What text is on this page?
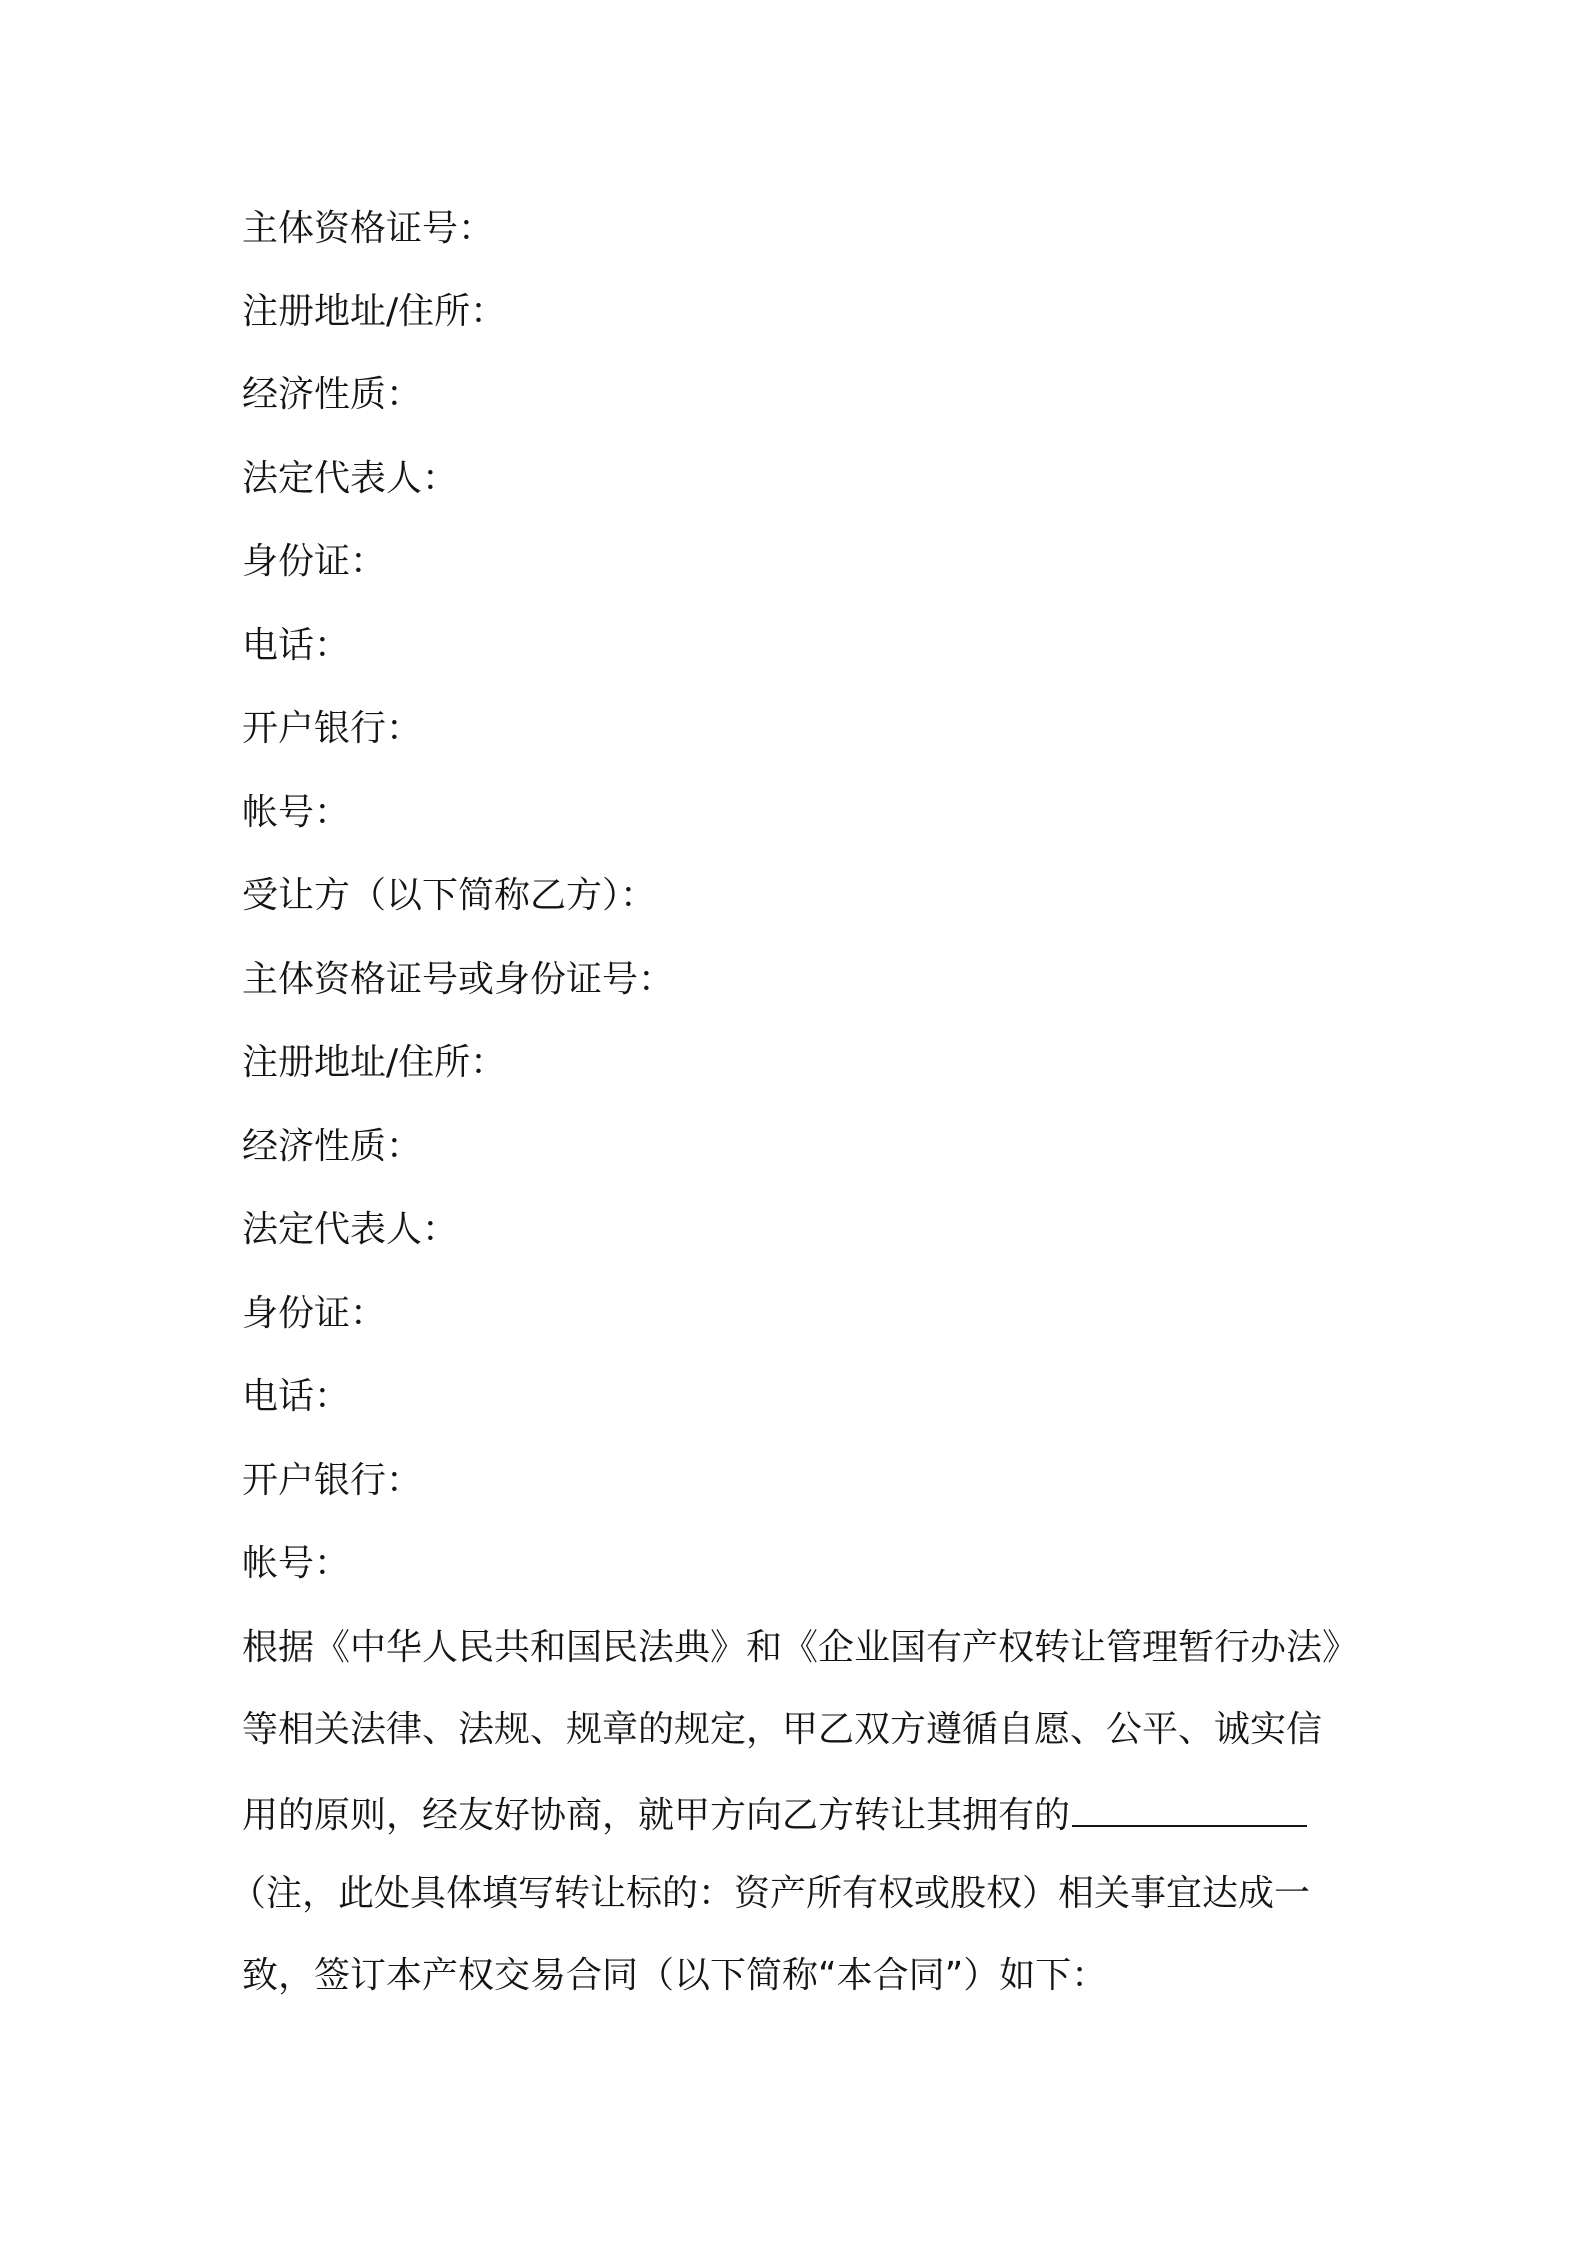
主体资格证号：
注册地址/住所：
经济性质：
法定代表人：
身份证：
电话：
开户银行：
帐号：
受让方（以下简称乙方）：
主体资格证号或身份证号：
注册地址/住所：
经济性质：
法定代表人：
身份证：
电话：
开户银行：
帐号：
根据《中华人民共和国民法典》和《企业国有产权转让管理暂行办法》
等相关法律、法规、规章的规定，甲乙双方遵循自愿、公平、诚实信
用的原则，经友好协商，就甲方向乙方转让其拥有的
（注，此处具体填写转让标的：资产所有权或股权）相关事宜达成一
致，签订本产权交易合同（以下简称“本合同”）如下：
